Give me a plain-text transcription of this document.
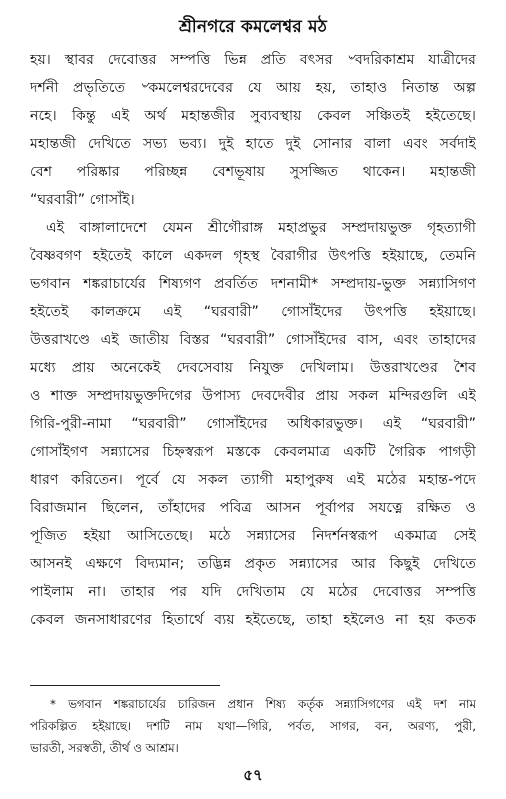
শ্রীনগরে কমলেশ্বর মঠ
হয়। স্থাবর দেবোত্তর সম্পত্তি ভিন্ন প্রতি বৎসর ৺বদরিকাশ্রম যাত্রীদের
দর্শনী প্রভৃতিতে ৺কমলেশ্বরদেবের যে আয় হয়, তাহাও নিতান্ত অল্প
নহে। কিন্তু এই অর্থ মহান্তজীর সুব্যবস্থায় কেবল সঞ্চিতই হইতেছে।
মহান্তজী দেখিতে সভ্য ভব্য। দুই হাতে দুই সোনার বালা এবং সর্বদাই
বেশ পরিষ্কার পরিচ্ছন্ন বেশভূষায় সুসজ্জিত থাকেন। মহান্তজী
“ঘরবারী” গোসাঁই।
এই বাঙ্গালাদেশে যেমন শ্রীগৌরাঙ্গ মহাপ্রভুর সম্প্রদায়ভুক্ত গৃহত্যাগী
বৈষ্ণবগণ হইতেই কালে একদল গৃহস্থ বৈরাগীর উৎপত্তি হইয়াছে, তেমনি
ভগবান শঙ্করাচার্যের শিষ্যগণ প্রবর্তিত দশনামী* সম্প্রদায়-ভুক্ত সন্ন্যাসিগণ
হইতেই কালক্রমে এই “ঘরবারী” গোসাঁইদের উৎপত্তি হইয়াছে।
উত্তরাখণ্ডে এই জাতীয় বিস্তর “ঘরবারী” গোসাঁইদের বাস, এবং তাহাদের
মধ্যে প্রায় অনেকেই দেবসেবায় নিযুক্ত দেখিলাম। উত্তরাখণ্ডের শৈব
ও শাক্ত সম্প্রদায়ভুক্তদিগের উপাস্য দেবদেবীর প্রায় সকল মন্দিরগুলি এই
গিরি-পুরী-নামা “ঘরবারী” গোসাঁইদের অধিকারভুক্ত। এই “ঘরবারী”
গোসাঁইগণ সন্ন্যাসের চিহ্নস্বরূপ মস্তকে কেবলমাত্র একটি গৈরিক পাগড়ী
ধারণ করিতেন। পূর্বে যে সকল ত্যাগী মহাপুরুষ এই মঠের মহান্ত-পদে
বিরাজমান ছিলেন, তাঁহাদের পবিত্র আসন পূর্বাপর সযত্নে রক্ষিত ও
পূজিত হইয়া আসিতেছে। মঠে সন্ন্যাসের নিদর্শনস্বরূপ একমাত্র সেই
আসনই এক্ষণে বিদ্যমান; তদ্ভিন্ন প্রকৃত সন্ন্যাসের আর কিছুই দেখিতে
পাইলাম না। তাহার পর যদি দেখিতাম যে মঠের দেবোত্তর সম্পত্তি
কেবল জনসাধারণের হিতার্থে ব্যয় হইতেছে, তাহা হইলেও না হয় কতক
* ভগবান শঙ্করাচার্যের চারিজন প্রধান শিষ্য কর্তৃক সন্ন্যাসিগণের এই দশ নাম
পরিকল্পিত হইয়াছে। দশটি নাম যথা—গিরি, পর্বত, সাগর, বন, অরণ্য, পুরী,
ভারতী, সরস্বতী, তীর্থ ও আশ্রম।
৫৭
